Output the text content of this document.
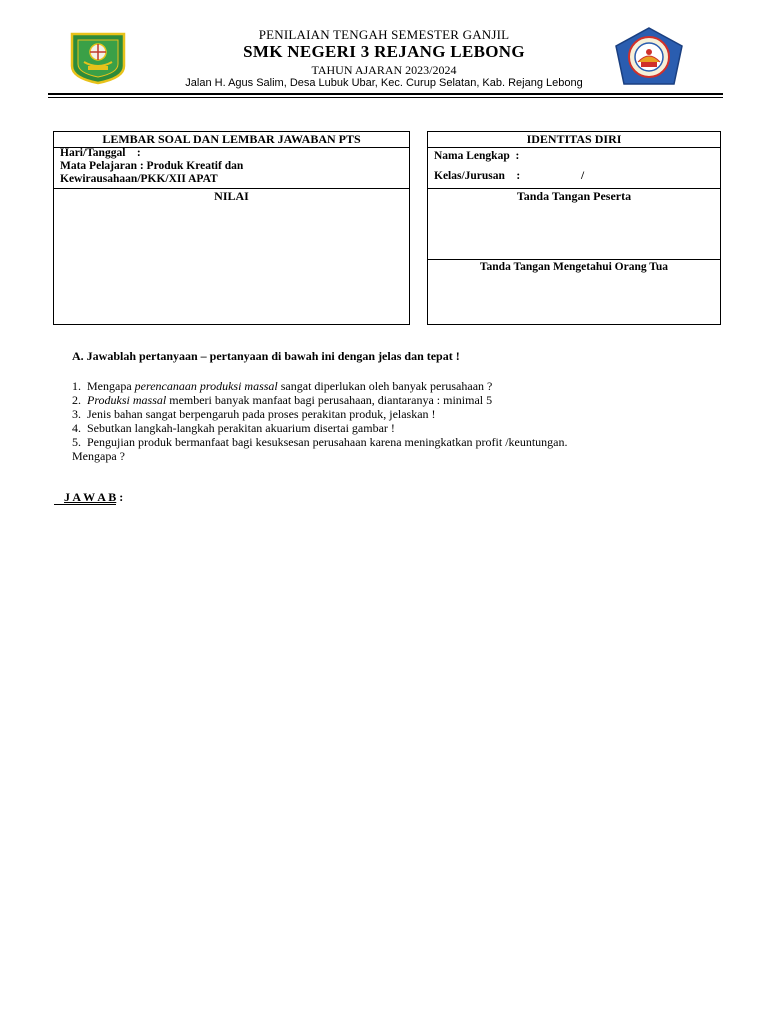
PENILAIAN TENGAH SEMESTER GANJIL
SMK NEGERI 3 REJANG LEBONG
TAHUN AJARAN 2023/2024
Jalan H. Agus Salim, Desa Lubuk Ubar, Kec. Curup Selatan, Kab. Rejang Lebong
LEMBAR SOAL DAN LEMBAR JAWABAN PTS
Hari/Tanggal    :
Mata Pelajaran : Produk Kreatif dan
Kewirausahaan/PKK/XII APAT
NILAI
IDENTITAS DIRI
Nama Lengkap  :
Kelas/Jurusan    :	/
Tanda Tangan Peserta
Tanda Tangan Mengetahui Orang Tua
A. Jawablah pertanyaan – pertanyaan di bawah ini dengan jelas dan tepat !
1.  Mengapa perencanaan produksi massal sangat diperlukan oleh banyak perusahaan ?
2.  Produksi massal memberi banyak manfaat bagi perusahaan, diantaranya : minimal 5
3.  Jenis bahan sangat berpengaruh pada proses perakitan produk, jelaskan !
4.  Sebutkan langkah-langkah perakitan akuarium disertai gambar !
5.  Pengujian produk bermanfaat bagi kesuksesan perusahaan karena meningkatkan profit /keuntungan.
Mengapa ?
J A W A B :
